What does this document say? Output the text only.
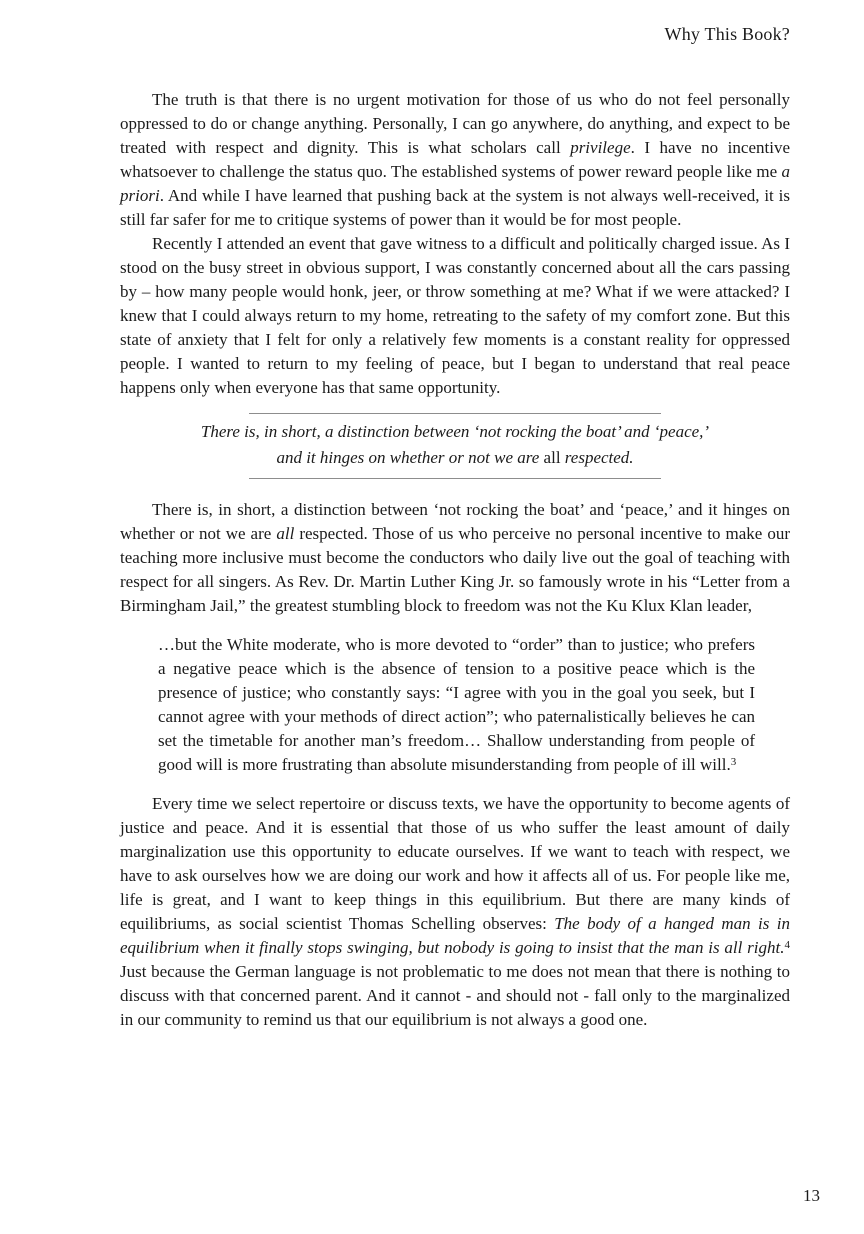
Why This Book?

The truth is that there is no urgent motivation for those of us who do not feel personally oppressed to do or change anything. Personally, I can go anywhere, do anything, and expect to be treated with respect and dignity. This is what scholars call privilege. I have no incentive whatsoever to challenge the status quo. The established systems of power reward people like me a priori. And while I have learned that pushing back at the system is not always well-received, it is still far safer for me to critique systems of power than it would be for most people.

Recently I attended an event that gave witness to a difficult and politically charged issue. As I stood on the busy street in obvious support, I was constantly concerned about all the cars passing by – how many people would honk, jeer, or throw something at me? What if we were attacked? I knew that I could always return to my home, retreating to the safety of my comfort zone. But this state of anxiety that I felt for only a relatively few moments is a constant reality for oppressed people. I wanted to return to my feeling of peace, but I began to understand that real peace happens only when everyone has that same opportunity.

There is, in short, a distinction between ‘not rocking the boat’ and ‘peace,’
and it hinges on whether or not we are all respected.

There is, in short, a distinction between ‘not rocking the boat’ and ‘peace,’ and it hinges on whether or not we are all respected. Those of us who perceive no personal incentive to make our teaching more inclusive must become the conductors who daily live out the goal of teaching with respect for all singers. As Rev. Dr. Martin Luther King Jr. so famously wrote in his “Letter from a Birmingham Jail,” the greatest stumbling block to freedom was not the Ku Klux Klan leader,

…but the White moderate, who is more devoted to “order” than to justice; who prefers a negative peace which is the absence of tension to a positive peace which is the presence of justice; who constantly says: “I agree with you in the goal you seek, but I cannot agree with your methods of direct action”; who paternalistically believes he can set the timetable for another man’s freedom… Shallow understanding from people of good will is more frustrating than absolute misunderstanding from people of ill will.$^3$

Every time we select repertoire or discuss texts, we have the opportunity to become agents of justice and peace. And it is essential that those of us who suffer the least amount of daily marginalization use this opportunity to educate ourselves. If we want to teach with respect, we have to ask ourselves how we are doing our work and how it affects all of us. For people like me, life is great, and I want to keep things in this equilibrium. But there are many kinds of equilibriums, as social scientist Thomas Schelling observes: The body of a hanged man is in equilibrium when it finally stops swinging, but nobody is going to insist that the man is all right.$^4$ Just because the German language is not problematic to me does not mean that there is nothing to discuss with that concerned parent. And it cannot - and should not - fall only to the marginalized in our community to remind us that our equilibrium is not always a good one.

13
